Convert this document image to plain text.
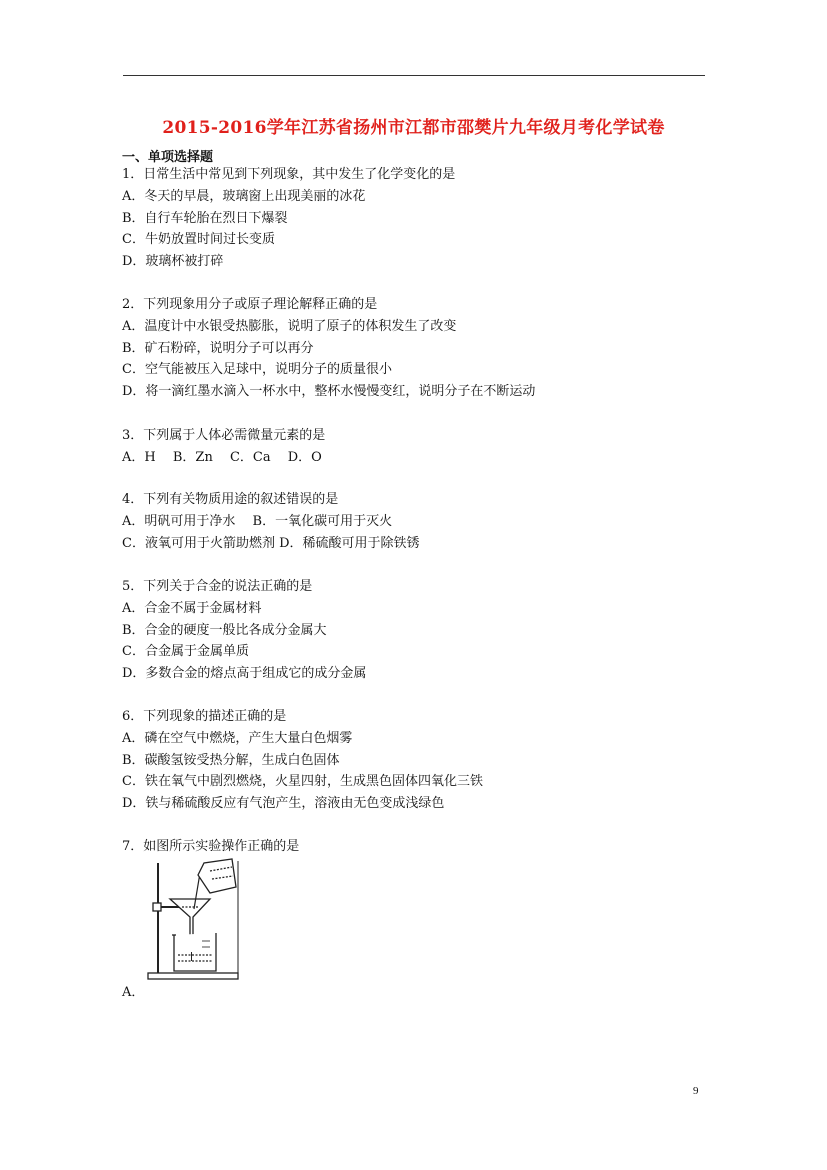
2015-2016学年江苏省扬州市江都市邵樊片九年级月考化学试卷
一、单项选择题
1．日常生活中常见到下列现象，其中发生了化学变化的是
A．冬天的早晨，玻璃窗上出现美丽的冰花
B．自行车轮胎在烈日下爆裂
C．牛奶放置时间过长变质
D．玻璃杯被打碎
2．下列现象用分子或原子理论解释正确的是
A．温度计中水银受热膨胀，说明了原子的体积发生了改变
B．矿石粉碎，说明分子可以再分
C．空气能被压入足球中，说明分子的质量很小
D．将一滴红墨水滴入一杯水中，整杯水慢慢变红，说明分子在不断运动
3．下列属于人体必需微量元素的是
A．H　 B．Zn　 C．Ca　 D．O
4．下列有关物质用途的叙述错误的是
A．明矾可用于净水　 B．一氧化碳可用于灭火
C．液氧可用于火箭助燃剂 D．稀硫酸可用于除铁锈
5．下列关于合金的说法正确的是
A．合金不属于金属材料
B．合金的硬度一般比各成分金属大
C．合金属于金属单质
D．多数合金的熔点高于组成它的成分金属
6．下列现象的描述正确的是
A．磷在空气中燃烧，产生大量白色烟雾
B．碳酸氢铵受热分解，生成白色固体
C．铁在氧气中剧烈燃烧，火星四射，生成黑色固体四氧化三铁
D．铁与稀硫酸反应有气泡产生，溶液由无色变成浅绿色
7．如图所示实验操作正确的是
A．
9
